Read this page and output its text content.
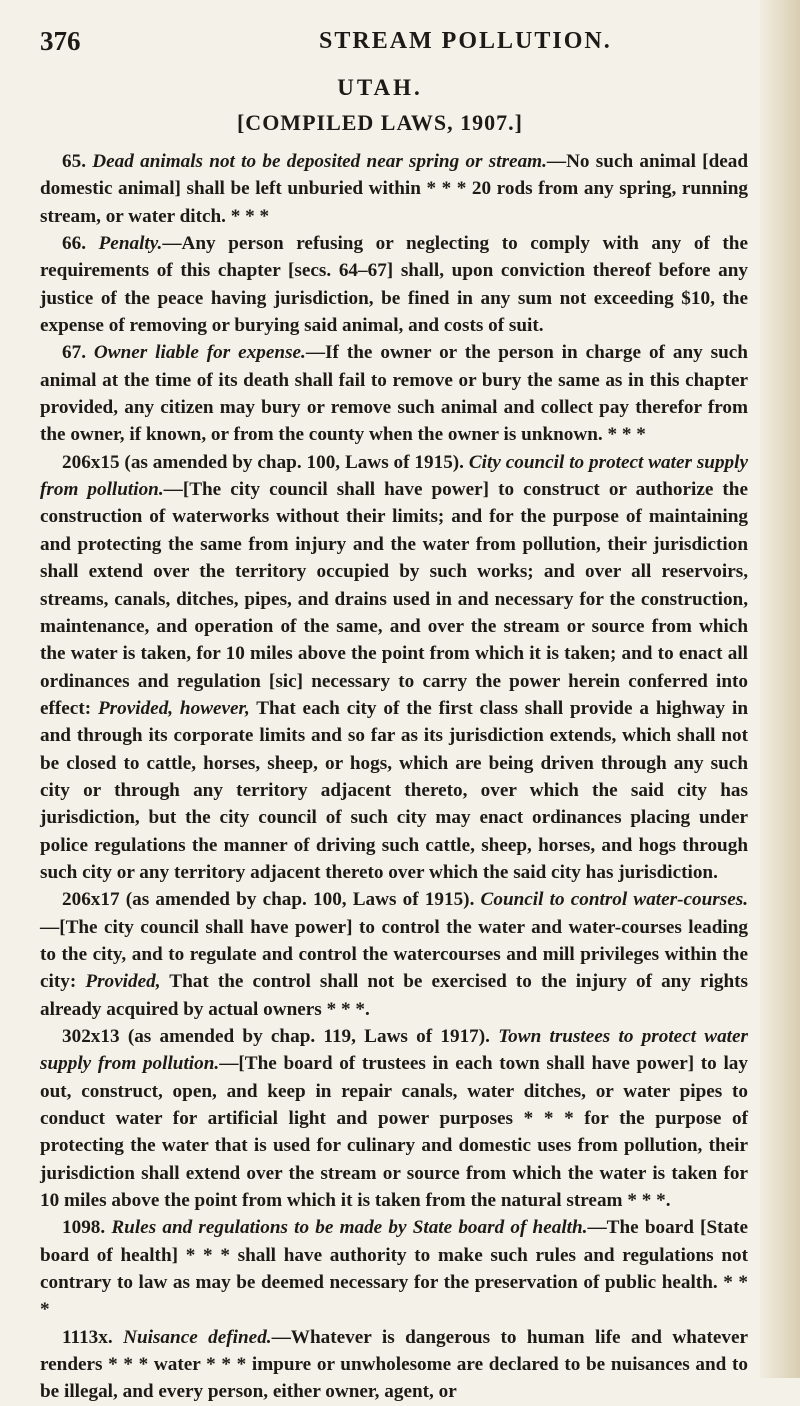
376	STREAM POLLUTION.
UTAH.
[COMPILED LAWS, 1907.]

65. Dead animals not to be deposited near spring or stream.—No such animal [dead domestic animal] shall be left unburied within * * * 20 rods from any spring, running stream, or water ditch. * * *

66. Penalty.—Any person refusing or neglecting to comply with any of the requirements of this chapter [secs. 64–67] shall, upon conviction thereof before any justice of the peace having jurisdiction, be fined in any sum not exceeding $10, the expense of removing or burying said animal, and costs of suit.

67. Owner liable for expense.—If the owner or the person in charge of any such animal at the time of its death shall fail to remove or bury the same as in this chapter provided, any citizen may bury or remove such animal and collect pay therefor from the owner, if known, or from the county when the owner is unknown. * * *

206x15 (as amended by chap. 100, Laws of 1915). City council to protect water supply from pollution.—[The city council shall have power] to construct or authorize the construction of waterworks without their limits; and for the purpose of maintaining and protecting the same from injury and the water from pollution, their jurisdiction shall extend over the territory occupied by such works; and over all reservoirs, streams, canals, ditches, pipes, and drains used in and necessary for the construction, maintenance, and operation of the same, and over the stream or source from which the water is taken, for 10 miles above the point from which it is taken; and to enact all ordinances and regulation [sic] necessary to carry the power herein conferred into effect: Provided, however, That each city of the first class shall provide a highway in and through its corporate limits and so far as its jurisdiction extends, which shall not be closed to cattle, horses, sheep, or hogs, which are being driven through any such city or through any territory adjacent thereto, over which the said city has jurisdiction, but the city council of such city may enact ordinances placing under police regulations the manner of driving such cattle, sheep, horses, and hogs through such city or any territory adjacent thereto over which the said city has jurisdiction.

206x17 (as amended by chap. 100, Laws of 1915). Council to control water-courses.—[The city council shall have power] to control the water and water-courses leading to the city, and to regulate and control the watercourses and mill privileges within the city: Provided, That the control shall not be exercised to the injury of any rights already acquired by actual owners * * *.

302x13 (as amended by chap. 119, Laws of 1917). Town trustees to protect water supply from pollution.—[The board of trustees in each town shall have power] to lay out, construct, open, and keep in repair canals, water ditches, or water pipes to conduct water for artificial light and power purposes * * * for the purpose of protecting the water that is used for culinary and domestic uses from pollution, their jurisdiction shall extend over the stream or source from which the water is taken for 10 miles above the point from which it is taken from the natural stream * * *.

1098. Rules and regulations to be made by State board of health.—The board [State board of health] * * * shall have authority to make such rules and regulations not contrary to law as may be deemed necessary for the preservation of public health. * * *

1113x. Nuisance defined.—Whatever is dangerous to human life and whatever renders * * * water * * * impure or unwholesome are declared to be nuisances and to be illegal, and every person, either owner, agent, or
